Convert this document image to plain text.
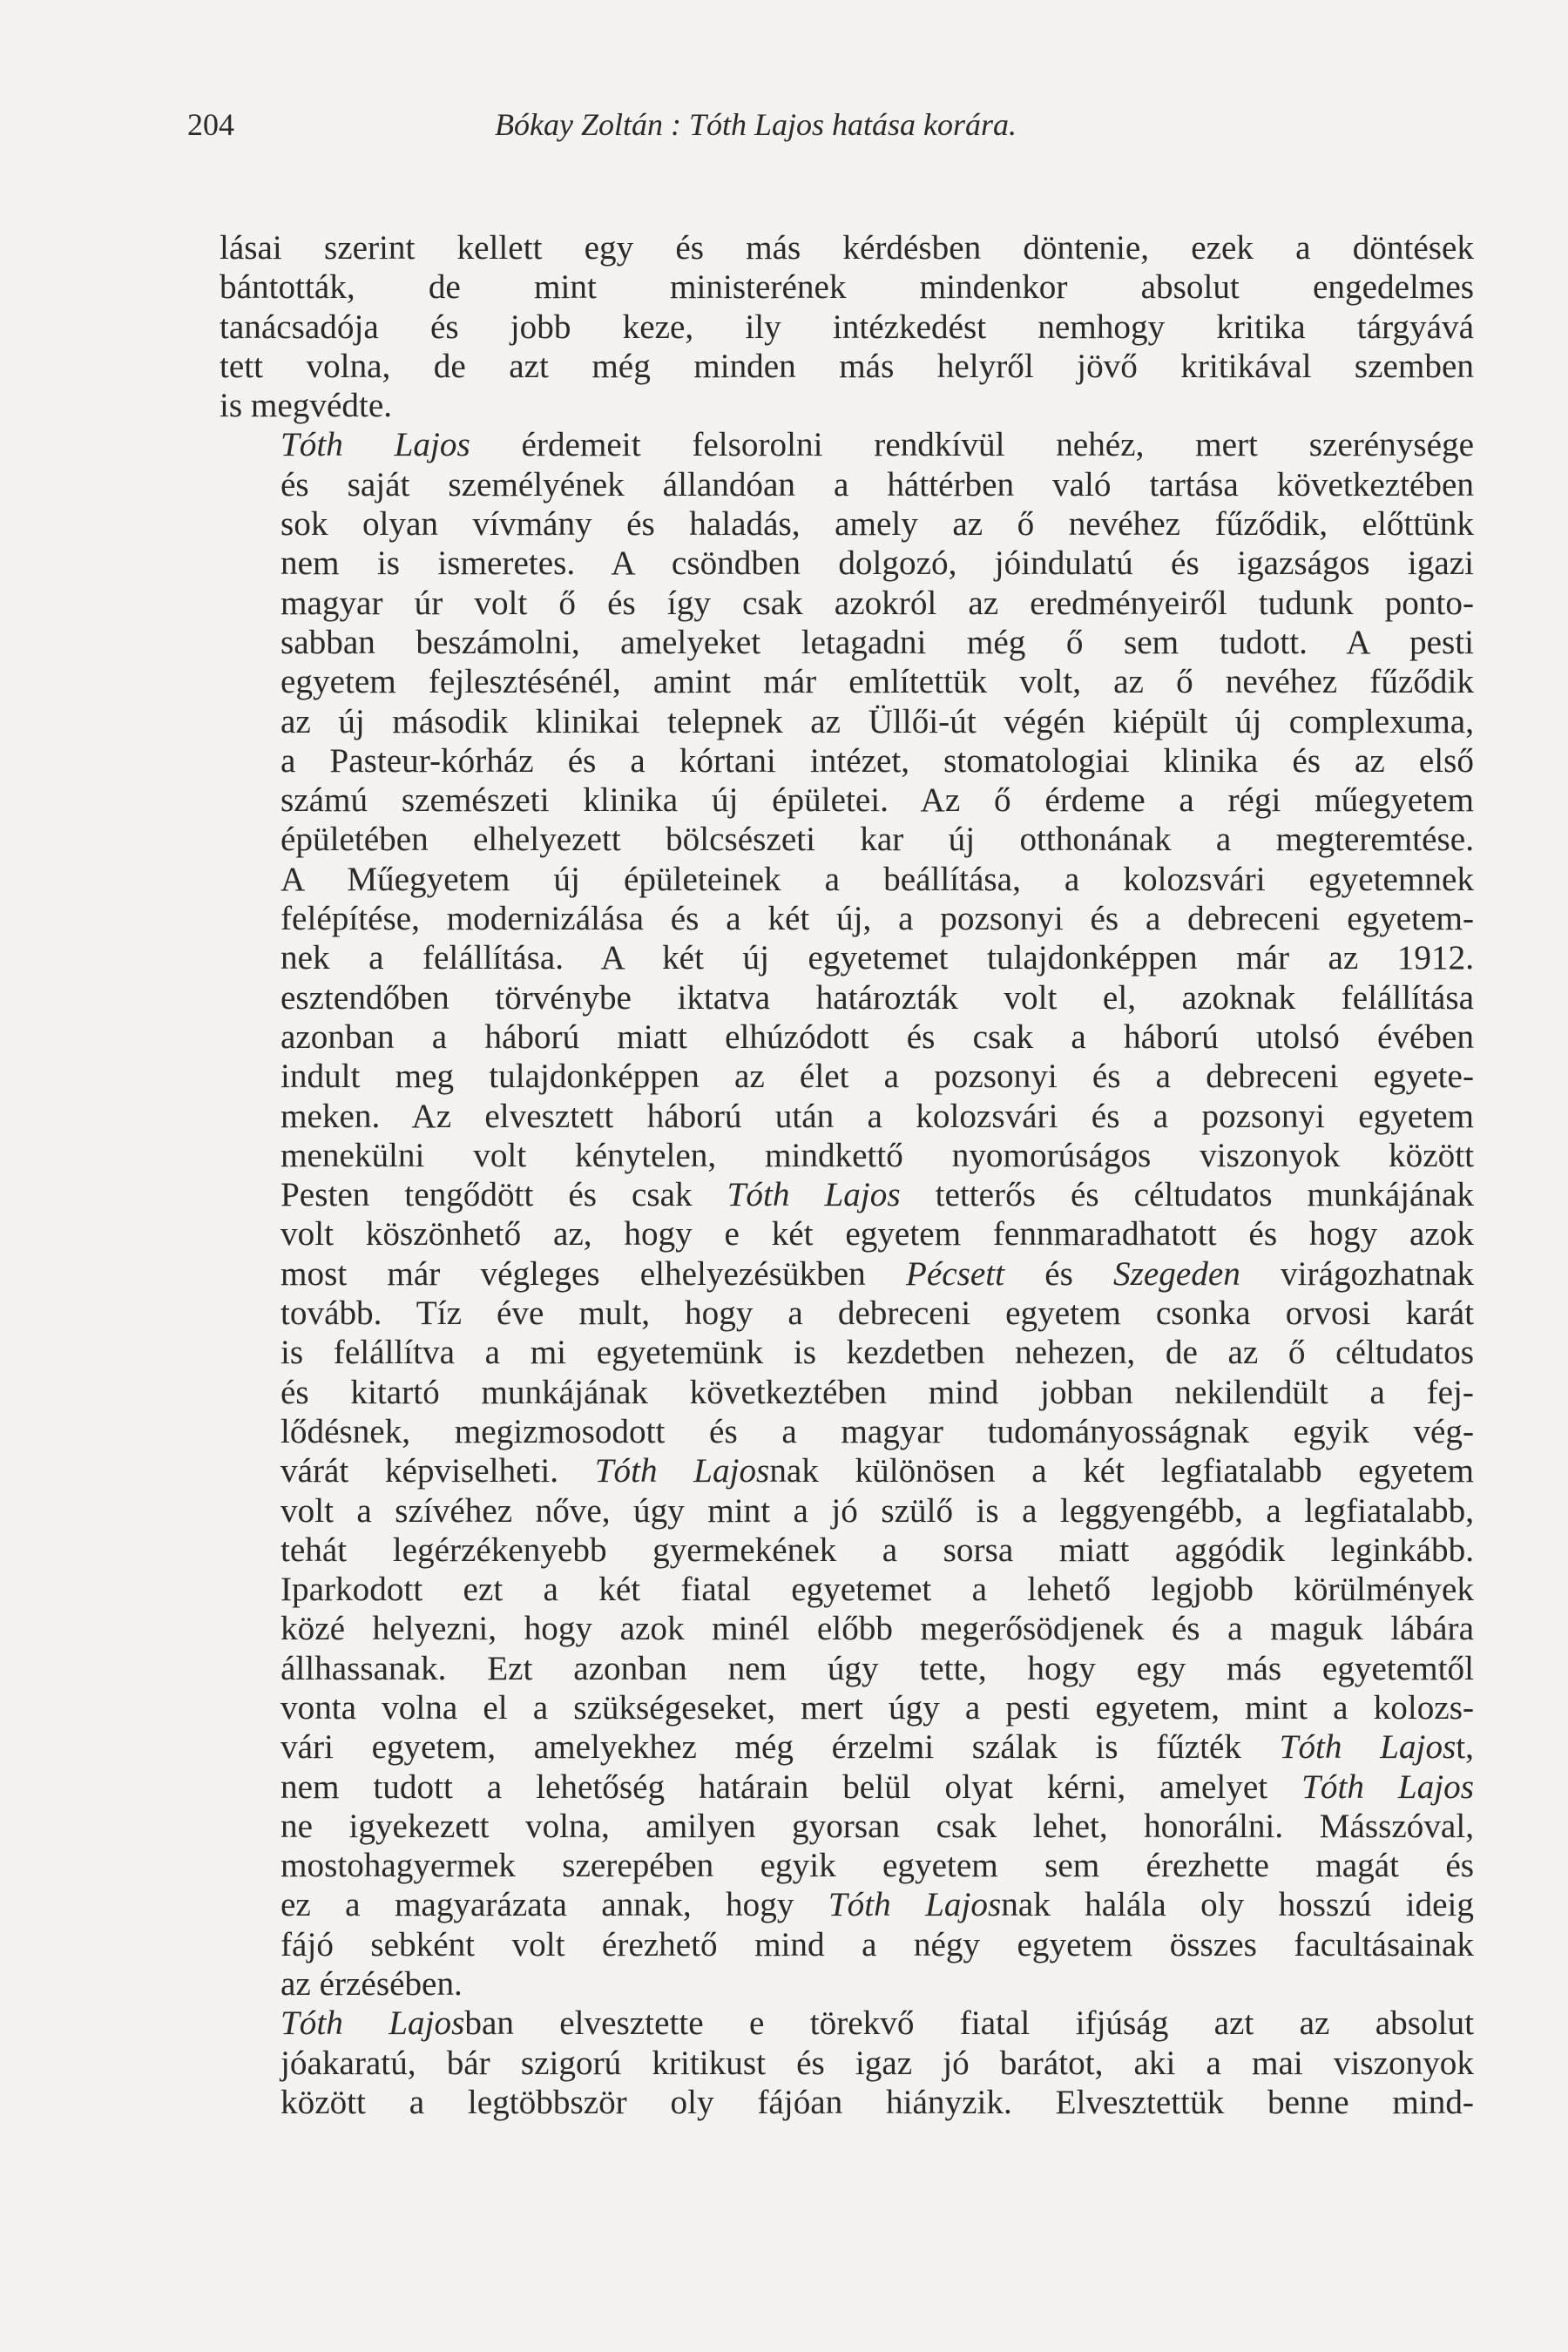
204	Bókay Zoltán : Tóth Lajos hatása korára.
lásai szerint kellett egy és más kérdésben döntenie, ezek a döntések
bántották, de mint ministerének mindenkor absolut engedelmes
tanácsadója és jobb keze, ily intézkedést nemhogy kritika tárgyává
tett volna, de azt még minden más helyről jövő kritikával szemben
is megvédte.
Tóth Lajos érdemeit felsorolni rendkívül nehéz, mert szerénysége
és saját személyének állandóan a háttérben való tartása következtében
sok olyan vívmány és haladás, amely az ő nevéhez fűződik, előttünk
nem is ismeretes. A csöndben dolgozó, jóindulatú és igazságos igazi
magyar úr volt ő és így csak azokról az eredményeiről tudunk ponto-
sabban beszámolni, amelyeket letagadni még ő sem tudott. A pesti
egyetem fejlesztésénél, amint már említettük volt, az ő nevéhez fűződik
az új második klinikai telepnek az Üllői-út végén kiépült új complexuma,
a Pasteur-kórház és a kórtani intézet, stomatologiai klinika és az első
számú szemészeti klinika új épületei. Az ő érdeme a régi műegyetem
épületében elhelyezett bölcsészeti kar új otthonának a megteremtése.
A Műegyetem új épületeinek a beállítása, a kolozsvári egyetemnek
felépítése, modernizálása és a két új, a pozsonyi és a debreceni egyetem-
nek a felállítása. A két új egyetemet tulajdonképpen már az 1912.
esztendőben törvénybe iktatva határozták volt el, azoknak felállítása
azonban a háború miatt elhúzódott és csak a háború utolsó évében
indult meg tulajdonképpen az élet a pozsonyi és a debreceni egyete-
meken. Az elvesztett háború után a kolozsvári és a pozsonyi egyetem
menekülni volt kénytelen, mindkettő nyomorúságos viszonyok között
Pesten tengődött és csak Tóth Lajos tetterős és céltudatos munkájának
volt köszönhető az, hogy e két egyetem fennmaradhatott és hogy azok
most már végleges elhelyezésükben Pécsett és Szegeden virágozhatnak
tovább. Tíz éve mult, hogy a debreceni egyetem csonka orvosi karát
is felállítva a mi egyetemünk is kezdetben nehezen, de az ő céltudatos
és kitartó munkájának következtében mind jobban nekilendült a fej-
lődésnek, megizmosodott és a magyar tudományosságnak egyik vég-
várát képviselheti. Tóth Lajosnak különösen a két legfiatalabb egyetem
volt a szívéhez nőve, úgy mint a jó szülő is a leggyengébb, a legfiatalabb,
tehát legérzékenyebb gyermekének a sorsa miatt aggódik leginkább.
Iparkodott ezt a két fiatal egyetemet a lehető legjobb körülmények
közé helyezni, hogy azok minél előbb megerősödjenek és a maguk lábára
állhassanak. Ezt azonban nem úgy tette, hogy egy más egyetemtől
vonta volna el a szükségeseket, mert úgy a pesti egyetem, mint a kolozs-
vári egyetem, amelyekhez még érzelmi szálak is fűzték Tóth Lajost,
nem tudott a lehetőség határain belül olyat kérni, amelyet Tóth Lajos
ne igyekezett volna, amilyen gyorsan csak lehet, honorálni. Másszóval,
mostohagyermek szerepében egyik egyetem sem érezhette magát és
ez a magyarázata annak, hogy Tóth Lajosnak halála oly hosszú ideig
fájó sebként volt érezhető mind a négy egyetem összes facultásainak
az érzésében.
Tóth Lajosban elvesztette e törekvő fiatal ifjúság azt az absolut
jóakaratú, bár szigorú kritikust és igaz jó barátot, aki a mai viszonyok
között a legtöbbször oly fájóan hiányzik. Elvesztettük benne mind-
